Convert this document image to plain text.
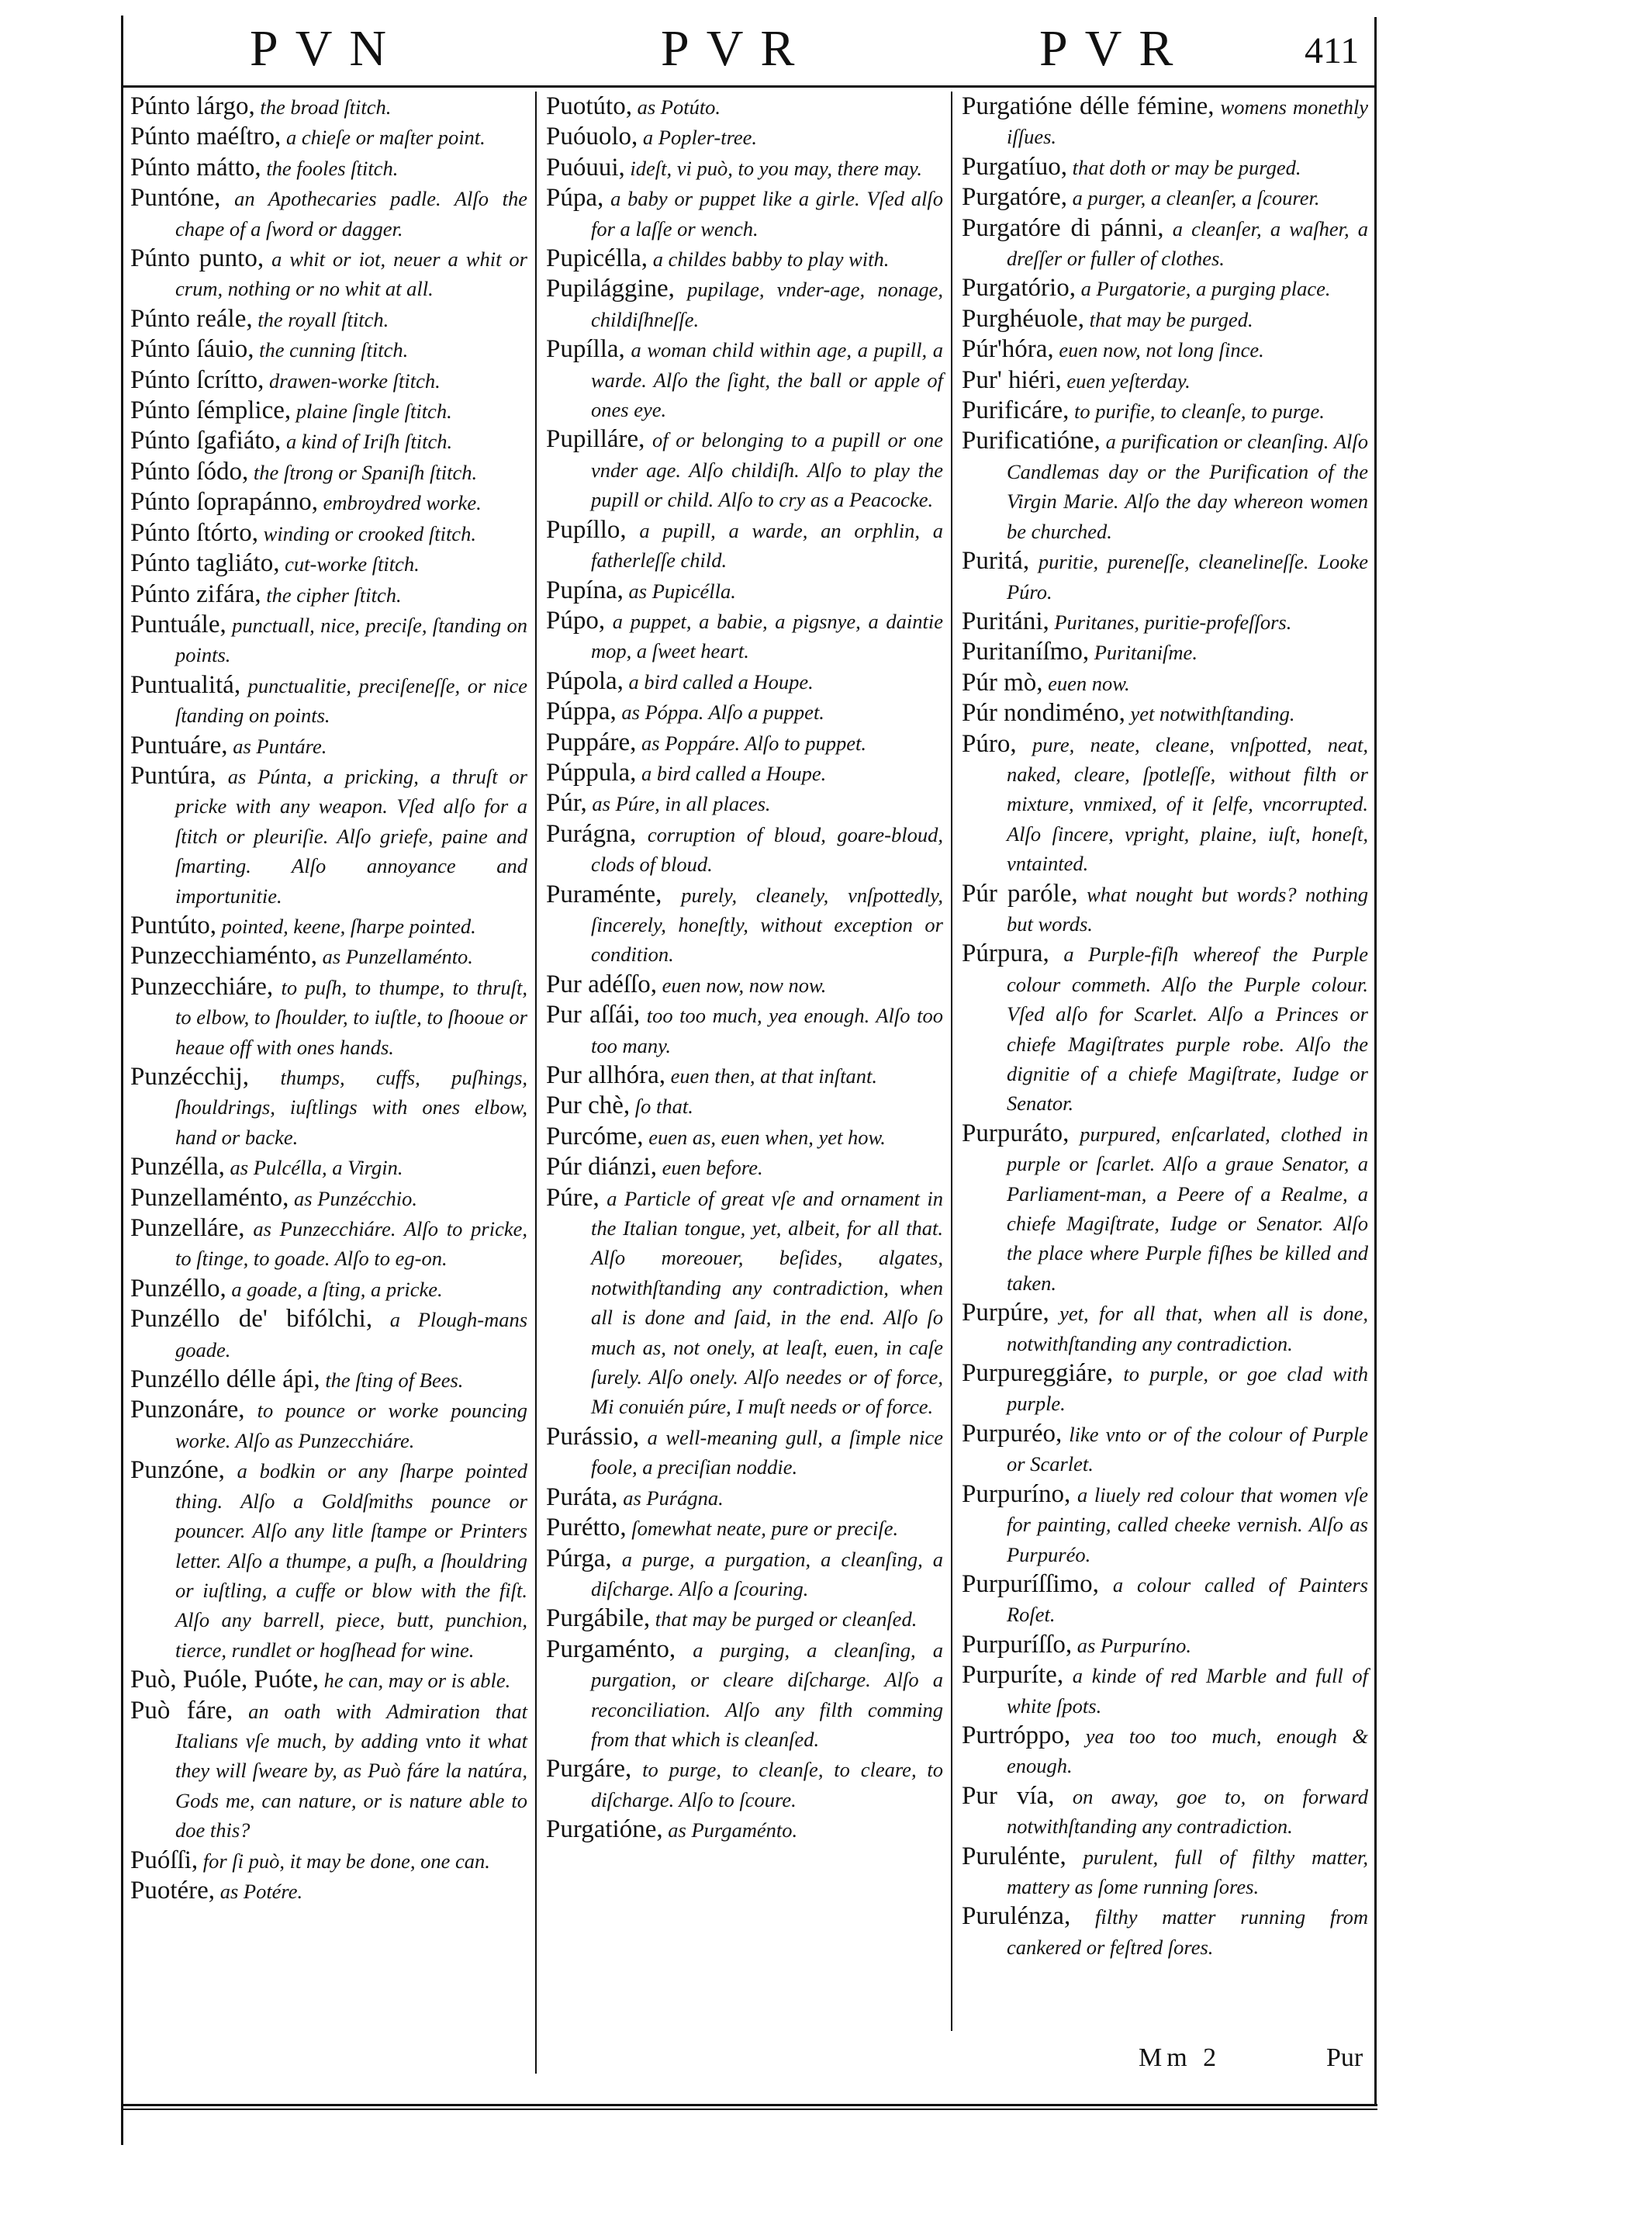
PVN	PVR	PVR	411

Púnto lárgo, the broad ſtitch.

Púnto maéſtro, a chieſe or maſter point.

Púnto mátto, the fooles ſtitch.

Puntóne, an Apothecaries padle. Alſo the chape of a ſword or dagger.

Púnto punto, a whit or iot, neuer a whit or crum, nothing or no whit at all.

Púnto reále, the royall ſtitch.

Púnto ſáuio, the cunning ſtitch.

Púnto ſcrítto, drawen-worke ſtitch.

Púnto ſémplice, plaine ſingle ſtitch.

Púnto ſgafiáto, a kind of Iriſh ſtitch.

Púnto ſódo, the ſtrong or Spaniſh ſtitch.

Púnto ſoprapánno, embroydred worke.

Púnto ſtórto, winding or crooked ſtitch.

Púnto tagliáto, cut-worke ſtitch.

Púnto zifára, the cipher ſtitch.

Puntuále, punctuall, nice, preciſe, ſtanding on points.

Puntualitá, punctualitie, preciſeneſſe, or nice ſtanding on points.

Puntuáre, as Puntáre.

Puntúra, as Púnta, a pricking, a thruſt or pricke with any weapon. Vſed alſo for a ſtitch or pleuriſie. Alſo griefe, paine and ſmarting. Alſo annoyance and importunitie.

Puntúto, pointed, keene, ſharpe pointed.

Punzecchiaménto, as Punzellaménto.

Punzecchiáre, to puſh, to thumpe, to thruſt, to elbow, to ſhoulder, to iuſtle, to ſhooue or heaue off with ones hands.

Punzécchij, thumps, cuffs, puſhings, ſhouldrings, iuſtlings with ones elbow, hand or backe.

Punzélla, as Pulcélla, a Virgin.

Punzellaménto, as Punzécchio.

Punzelláre, as Punzecchiáre. Alſo to pricke, to ſtinge, to goade. Alſo to eg-on.

Punzéllo, a goade, a ſting, a pricke.

Punzéllo de' bifólchi, a Plough-mans goade.

Punzéllo délle ápi, the ſting of Bees.

Punzonáre, to pounce or worke pouncing worke. Alſo as Punzecchiáre.

Punzóne, a bodkin or any ſharpe pointed thing. Alſo a Goldſmiths pounce or pouncer. Alſo any litle ſtampe or Printers letter. Alſo a thumpe, a puſh, a ſhouldring or iuſtling, a cuffe or blow with the fiſt. Alſo any barrell, piece, butt, punchion, tierce, rundlet or hogſhead for wine.

Può, Puóle, Puóte, he can, may or is able.

Può fáre, an oath with Admiration that Italians vſe much, by adding vnto it what they will ſweare by, as Può fáre la natúra, Gods me, can nature, or is nature able to doe this?

Puóſſi, for ſi può, it may be done, one can.

Puotére, as Potére.

Puotúto, as Potúto.

Puóuolo, a Popler-tree.

Puóuui, ideſt, vi può, to you may, there may.

Púpa, a baby or puppet like a girle. Vſed alſo for a laſſe or wench.

Pupicélla, a childes babby to play with.

Pupilággine, pupilage, vnder-age, nonage, childiſhneſſe.

Pupílla, a woman child within age, a pupill, a warde. Alſo the ſight, the ball or apple of ones eye.

Pupilláre, of or belonging to a pupill or one vnder age. Alſo childiſh. Alſo to play the pupill or child. Alſo to cry as a Peacocke.

Pupíllo, a pupill, a warde, an orphlin, a fatherleſſe child.

Pupína, as Pupicélla.

Púpo, a puppet, a babie, a pigsnye, a daintie mop, a ſweet heart.

Púpola, a bird called a Houpe.

Púppa, as Póppa. Alſo a puppet.

Puppáre, as Poppáre. Alſo to puppet.

Púppula, a bird called a Houpe.

Púr, as Púre, in all places.

Purágna, corruption of bloud, goare-bloud, clods of bloud.

Puraménte, purely, cleanely, vnſpottedly, ſincerely, honeſtly, without exception or condition.

Pur adéſſo, euen now, now now.

Pur aſſái, too too much, yea enough. Alſo too too many.

Pur allhóra, euen then, at that inſtant.

Pur chè, ſo that.

Purcóme, euen as, euen when, yet how.

Púr diánzi, euen before.

Púre, a Particle of great vſe and ornament in the Italian tongue, yet, albeit, for all that. Alſo moreouer, beſides, algates, notwithſtanding any contradiction, when all is done and ſaid, in the end. Alſo ſo much as, not onely, at leaſt, euen, in caſe ſurely. Alſo onely. Alſo needes or of force, Mi conuién púre, I muſt needs or of force.

Purássio, a well-meaning gull, a ſimple nice foole, a preciſian noddie.

Puráta, as Purágna.

Purétto, ſomewhat neate, pure or preciſe.

Púrga, a purge, a purgation, a cleanſing, a diſcharge. Alſo a ſcouring.

Purgábile, that may be purged or cleanſed.

Purgaménto, a purging, a cleanſing, a purgation, or cleare diſcharge. Alſo a reconciliation. Alſo any filth comming from that which is cleanſed.

Purgáre, to purge, to cleanſe, to cleare, to diſcharge. Alſo to ſcoure.

Purgatióne, as Purgaménto.

Purgatióne délle fémine, womens monethly iſſues.

Purgatíuo, that doth or may be purged.

Purgatóre, a purger, a cleanſer, a ſcourer.

Purgatóre di pánni, a cleanſer, a waſher, a dreſſer or fuller of clothes.

Purgatório, a Purgatorie, a purging place.

Purghéuole, that may be purged.

Púr'hóra, euen now, not long ſince.

Pur' hiéri, euen yeſterday.

Purificáre, to purifie, to cleanſe, to purge.

Purificatióne, a purification or cleanſing. Alſo Candlemas day or the Purification of the Virgin Marie. Alſo the day whereon women be churched.

Puritá, puritie, pureneſſe, cleanelineſſe. Looke Púro.

Puritáni, Puritanes, puritie-profeſſors.

Puritaníſmo, Puritaniſme.

Púr mò, euen now.

Púr nondiméno, yet notwithſtanding.

Púro, pure, neate, cleane, vnſpotted, neat, naked, cleare, ſpotleſſe, without filth or mixture, vnmixed, of it ſelfe, vncorrupted. Alſo ſincere, vpright, plaine, iuſt, honeſt, vntainted.

Púr paróle, what nought but words? nothing but words.

Púrpura, a Purple-fiſh whereof the Purple colour commeth. Alſo the Purple colour. Vſed alſo for Scarlet. Alſo a Princes or chiefe Magiſtrates purple robe. Alſo the dignitie of a chiefe Magiſtrate, Iudge or Senator.

Purpuráto, purpured, enſcarlated, clothed in purple or ſcarlet. Alſo a graue Senator, a Parliament-man, a Peere of a Realme, a chiefe Magiſtrate, Iudge or Senator. Alſo the place where Purple fiſhes be killed and taken.

Purpúre, yet, for all that, when all is done, notwithſtanding any contradiction.

Purpureggiáre, to purple, or goe clad with purple.

Purpuréo, like vnto or of the colour of Purple or Scarlet.

Purpuríno, a liuely red colour that women vſe for painting, called cheeke vernish. Alſo as Purpuréo.

Purpuríſſimo, a colour called of Painters Roſet.

Purpuríſſo, as Purpuríno.

Purpuríte, a kinde of red Marble and full of white ſpots.

Purtróppo, yea too too much, enough & enough.

Pur vía, on away, goe to, on forward notwithſtanding any contradiction.

Purulénte, purulent, full of filthy matter, mattery as ſome running ſores.

Purulénza, filthy matter running from cankered or feſtred ſores.

Mm 2	Pur
